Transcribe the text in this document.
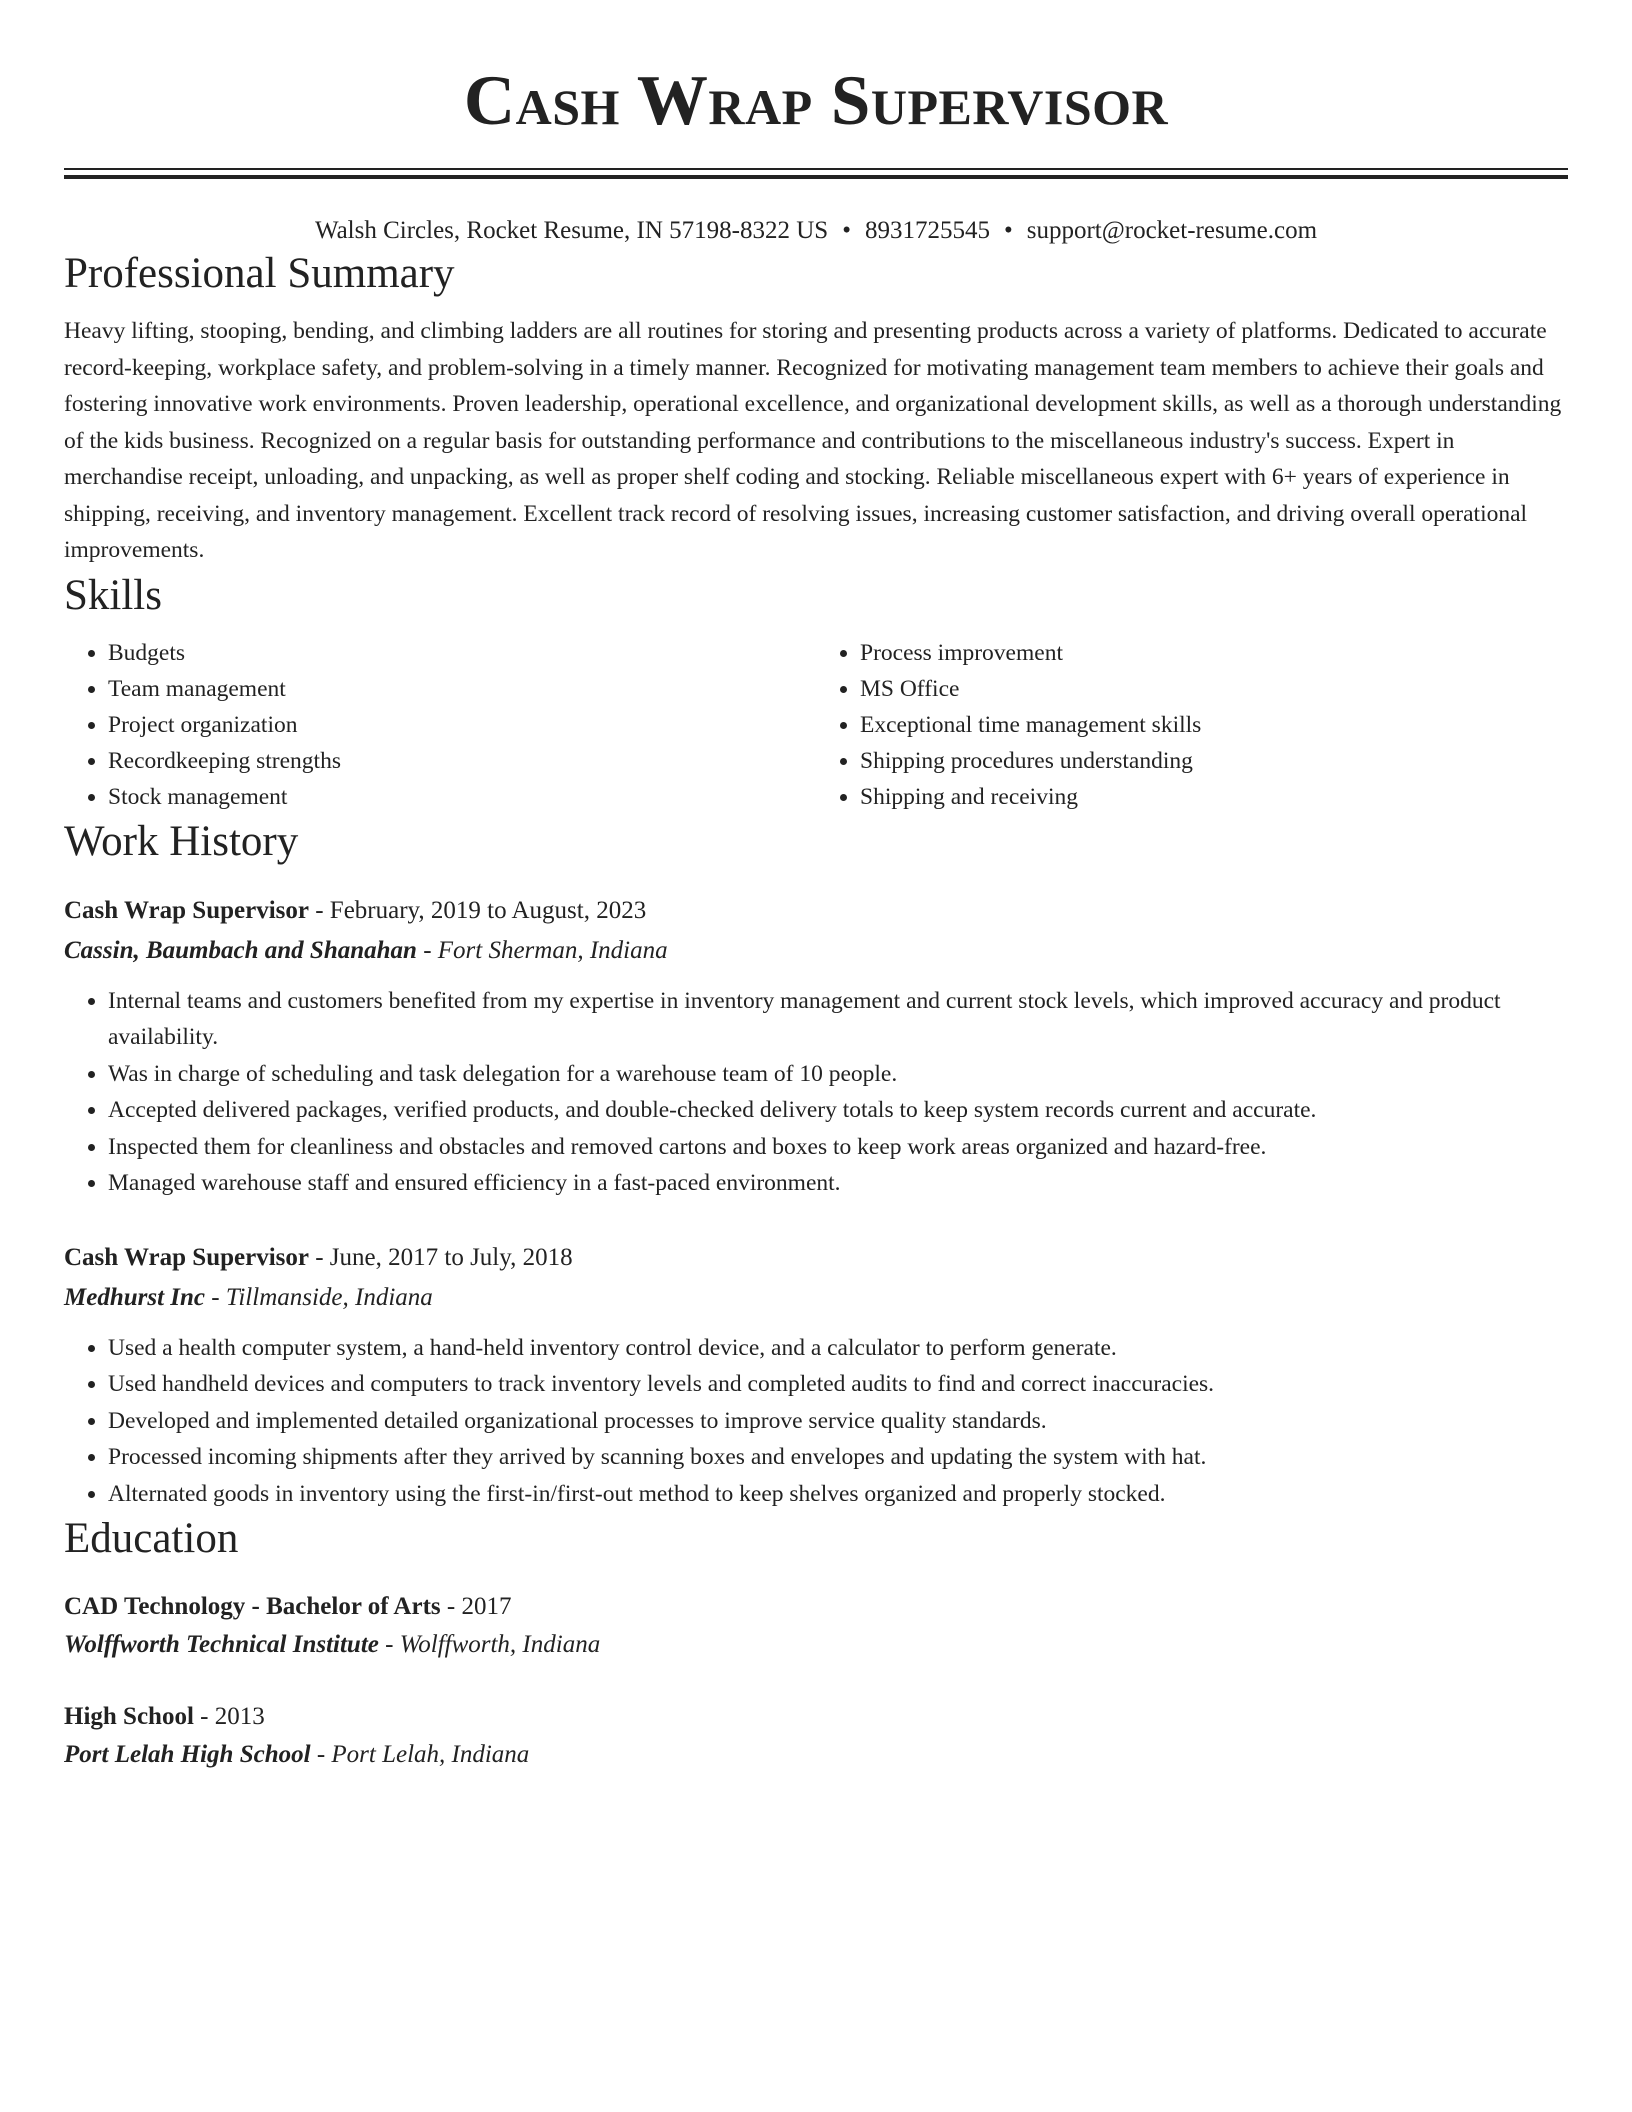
Cash Wrap Supervisor
Walsh Circles, Rocket Resume, IN 57198-8322 US • 8931725545 • support@rocket-resume.com
Professional Summary
Heavy lifting, stooping, bending, and climbing ladders are all routines for storing and presenting products across a variety of platforms. Dedicated to accurate record-keeping, workplace safety, and problem-solving in a timely manner. Recognized for motivating management team members to achieve their goals and fostering innovative work environments. Proven leadership, operational excellence, and organizational development skills, as well as a thorough understanding of the kids business. Recognized on a regular basis for outstanding performance and contributions to the miscellaneous industry's success. Expert in merchandise receipt, unloading, and unpacking, as well as proper shelf coding and stocking. Reliable miscellaneous expert with 6+ years of experience in shipping, receiving, and inventory management. Excellent track record of resolving issues, increasing customer satisfaction, and driving overall operational improvements.
Skills
• Budgets
• Team management
• Project organization
• Recordkeeping strengths
• Stock management
• Process improvement
• MS Office
• Exceptional time management skills
• Shipping procedures understanding
• Shipping and receiving
Work History
Cash Wrap Supervisor - February, 2019 to August, 2023
Cassin, Baumbach and Shanahan - Fort Sherman, Indiana
• Internal teams and customers benefited from my expertise in inventory management and current stock levels, which improved accuracy and product availability.
• Was in charge of scheduling and task delegation for a warehouse team of 10 people.
• Accepted delivered packages, verified products, and double-checked delivery totals to keep system records current and accurate.
• Inspected them for cleanliness and obstacles and removed cartons and boxes to keep work areas organized and hazard-free.
• Managed warehouse staff and ensured efficiency in a fast-paced environment.
Cash Wrap Supervisor - June, 2017 to July, 2018
Medhurst Inc - Tillmanside, Indiana
• Used a health computer system, a hand-held inventory control device, and a calculator to perform generate.
• Used handheld devices and computers to track inventory levels and completed audits to find and correct inaccuracies.
• Developed and implemented detailed organizational processes to improve service quality standards.
• Processed incoming shipments after they arrived by scanning boxes and envelopes and updating the system with hat.
• Alternated goods in inventory using the first-in/first-out method to keep shelves organized and properly stocked.
Education
CAD Technology - Bachelor of Arts - 2017
Wolffworth Technical Institute - Wolffworth, Indiana
High School - 2013
Port Lelah High School - Port Lelah, Indiana
